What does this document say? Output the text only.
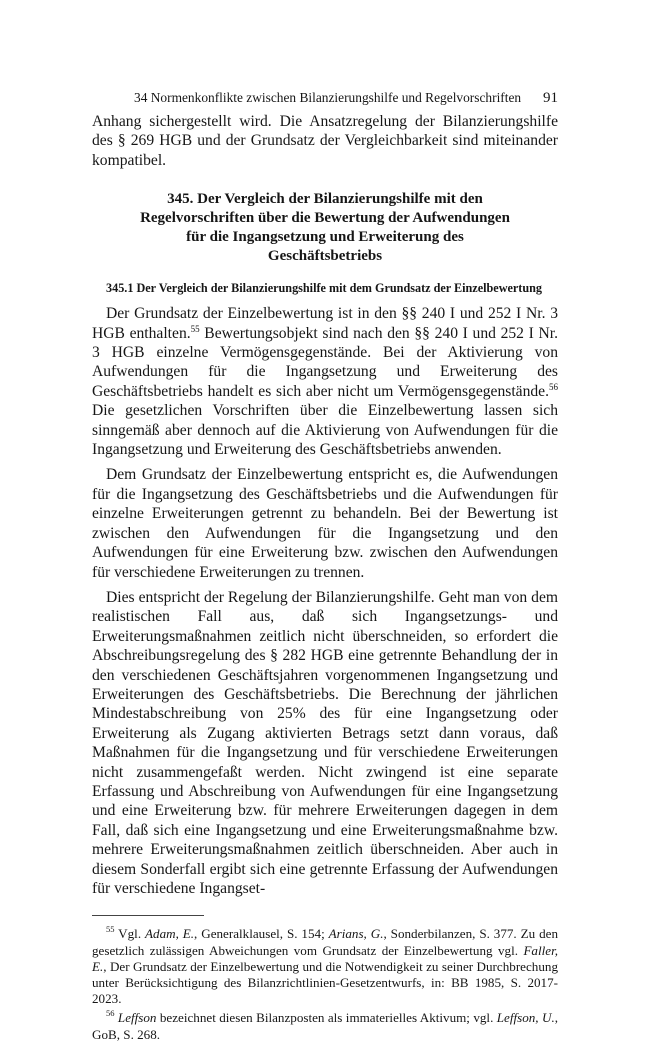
34 Normenkonflikte zwischen Bilanzierungshilfe und Regelvorschriften 91

Anhang sichergestellt wird. Die Ansatzregelung der Bilanzierungshilfe des § 269 HGB und der Grundsatz der Vergleichbarkeit sind miteinander kompatibel.

345. Der Vergleich der Bilanzierungshilfe mit den Regelvorschriften über die Bewertung der Aufwendungen für die Ingangsetzung und Erweiterung des Geschäftsbetriebs
345.1 Der Vergleich der Bilanzierungshilfe mit dem Grundsatz der Einzelbewertung

Der Grundsatz der Einzelbewertung ist in den §§ 240 I und 252 I Nr. 3 HGB enthalten.$^{55}$ Bewertungsobjekt sind nach den §§ 240 I und 252 I Nr. 3 HGB einzelne Vermögensgegenstände. Bei der Aktivierung von Aufwendungen für die Ingangsetzung und Erweiterung des Geschäftsbetriebs handelt es sich aber nicht um Vermögensgegenstände.$^{56}$ Die gesetzlichen Vorschriften über die Einzelbewertung lassen sich sinngemäß aber dennoch auf die Aktivierung von Aufwendungen für die Ingangsetzung und Erweiterung des Geschäftsbetriebs anwenden.

Dem Grundsatz der Einzelbewertung entspricht es, die Aufwendungen für die Ingangsetzung des Geschäftsbetriebs und die Aufwendungen für einzelne Erweiterungen getrennt zu behandeln. Bei der Bewertung ist zwischen den Aufwendungen für die Ingangsetzung und den Aufwendungen für eine Erweiterung bzw. zwischen den Aufwendungen für verschiedene Erweiterungen zu trennen.

Dies entspricht der Regelung der Bilanzierungshilfe. Geht man von dem realistischen Fall aus, daß sich Ingangsetzungs- und Erweiterungsmaßnahmen zeitlich nicht überschneiden, so erfordert die Abschreibungsregelung des § 282 HGB eine getrennte Behandlung der in den verschiedenen Geschäftsjahren vorgenommenen Ingangsetzung und Erweiterungen des Geschäftsbetriebs. Die Berechnung der jährlichen Mindestabschreibung von 25% des für eine Ingangsetzung oder Erweiterung als Zugang aktivierten Betrags setzt dann voraus, daß Maßnahmen für die Ingangsetzung und für verschiedene Erweiterungen nicht zusammengefaßt werden. Nicht zwingend ist eine separate Erfassung und Abschreibung von Aufwendungen für eine Ingangsetzung und eine Erweiterung bzw. für mehrere Erweiterungen dagegen in dem Fall, daß sich eine Ingangsetzung und eine Erweiterungsmaßnahme bzw. mehrere Erweiterungsmaßnahmen zeitlich überschneiden. Aber auch in diesem Sonderfall ergibt sich eine getrennte Erfassung der Aufwendungen für verschiedene Ingangset-

$^{55}$ Vgl. Adam, E., Generalklausel, S. 154; Arians, G., Sonderbilanzen, S. 377. Zu den gesetzlich zulässigen Abweichungen vom Grundsatz der Einzelbewertung vgl. Faller, E., Der Grundsatz der Einzelbewertung und die Notwendigkeit zu seiner Durchbrechung unter Berücksichtigung des Bilanzrichtlinien-Gesetzentwurfs, in: BB 1985, S. 2017-2023.

$^{56}$ Leffson bezeichnet diesen Bilanzposten als immaterielles Aktivum; vgl. Leffson, U., GoB, S. 268.
